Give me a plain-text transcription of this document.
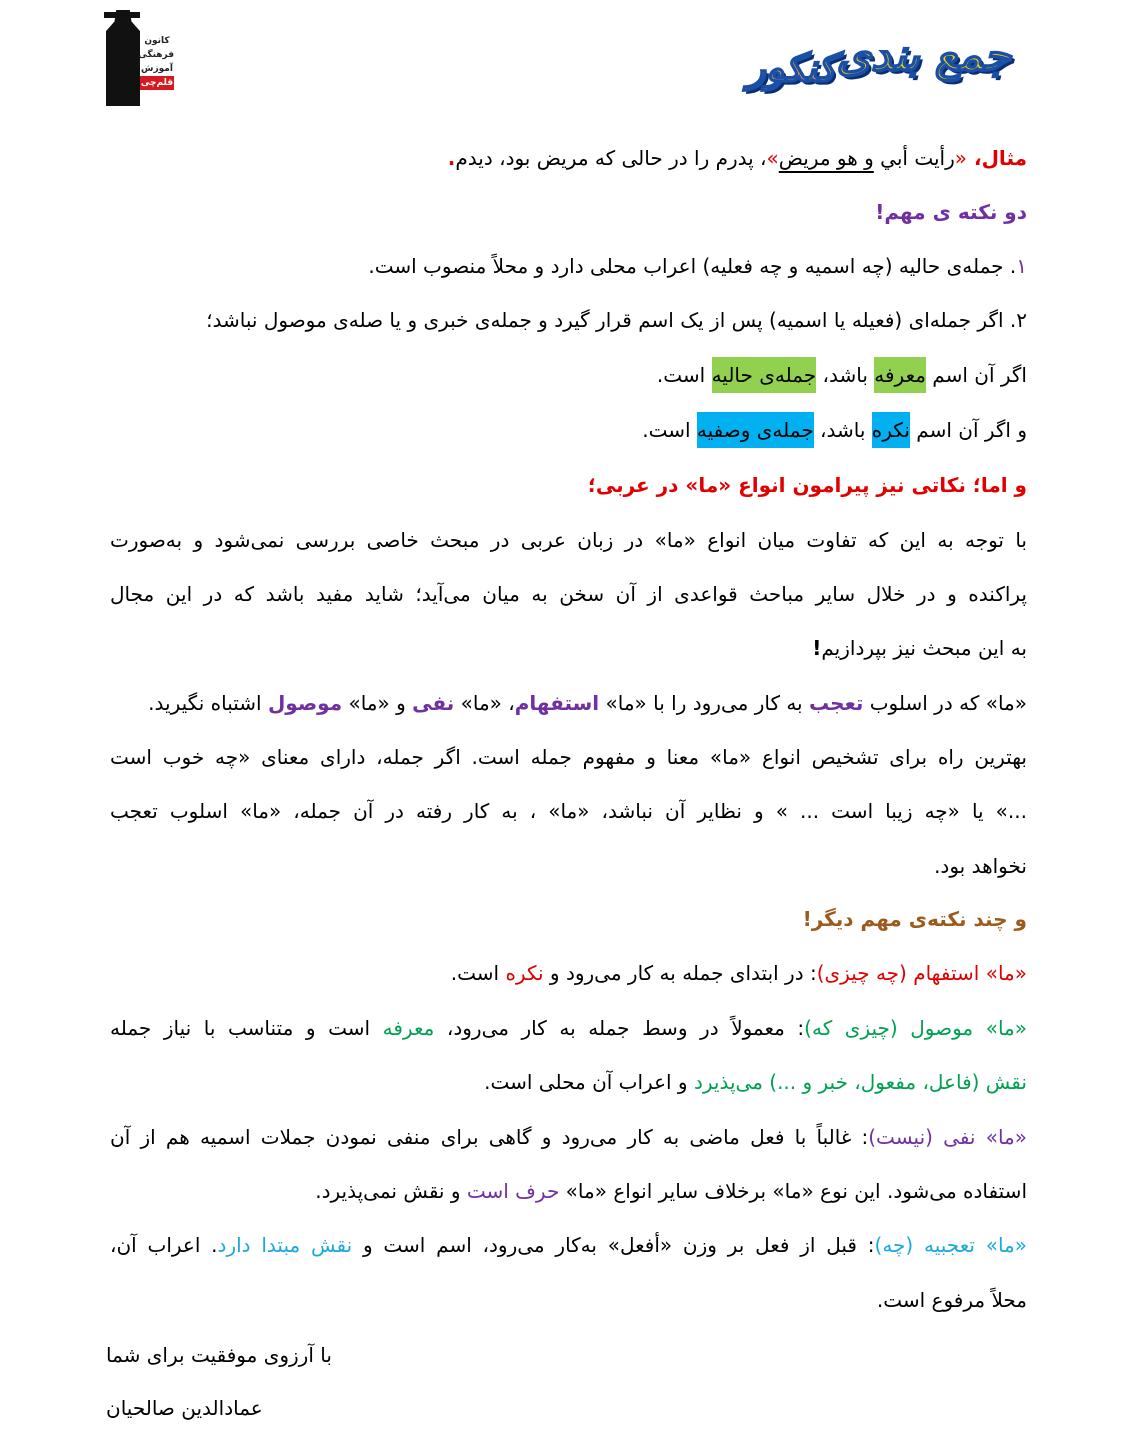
کانون
فرهنگی
آموزش
قلم‌چی
جمع بندی
کنکور
مثال، «رأیت أبي و هو مریض»، پدرم را در حالی که مریض بود، دیدم.
دو نکته ی مهم!
۱. جمله‌ی حالیه (چه اسمیه و چه فعلیه) اعراب محلی دارد و محلاً منصوب است.
۲. اگر جمله‌ای (فعیله یا اسمیه) پس از یک اسم قرار گیرد و جمله‌ی خبری و یا صله‌ی موصول نباشد؛
اگر آن اسم معرفه باشد، جمله‌ی حالیه است.
و اگر آن اسم نکره باشد، جمله‌ی وصفیه است.
و اما؛ نکاتی نیز پیرامون انواع «ما» در عربی؛
با توجه به این که تفاوت میان انواع «ما» در زبان عربی در مبحث خاصی بررسی نمی‌شود و به‌صورت
پراکنده و در خلال سایر مباحث قواعدی از آن سخن به میان می‌آید؛ شاید مفید باشد که در این مجال
به این مبحث نیز بپردازیم!
«ما» که در اسلوب تعجب به کار می‌رود را با «ما» استفهام، «ما» نفی و «ما» موصول اشتباه نگیرید.
بهترین راه برای تشخیص انواع «ما» معنا و مفهوم جمله است. اگر جمله، دارای معنای «چه خوب است
...» یا «چه زیبا است ... » و نظایر آن نباشد، «ما» ، به کار رفته در آن جمله، «ما» اسلوب تعجب
نخواهد بود.
و چند نکته‌ی مهم دیگر!
«ما» استفهام (چه چیزی): در ابتدای جمله به کار می‌رود و نکره است.
«ما» موصول (چیزی که): معمولاً در وسط جمله به کار می‌رود، معرفه است و متناسب با نیاز جمله
نقش (فاعل، مفعول، خبر و ...) می‌پذیرد و اعراب آن محلی است.
«ما» نفی (نیست): غالباً با فعل ماضی به کار می‌رود و گاهی برای منفی نمودن جملات اسمیه هم از آن
استفاده می‌شود. این نوع «ما» برخلاف سایر انواع «ما» حرف است و نقش نمی‌پذیرد.
«ما» تعجبیه (چه): قبل از فعل بر وزن «أفعل» به‌کار می‌رود، اسم است و نقش مبتدا دارد. اعراب آن،
محلاً مرفوع است.
با آرزوی موفقیت برای شما
عمادالدین صالحیان
